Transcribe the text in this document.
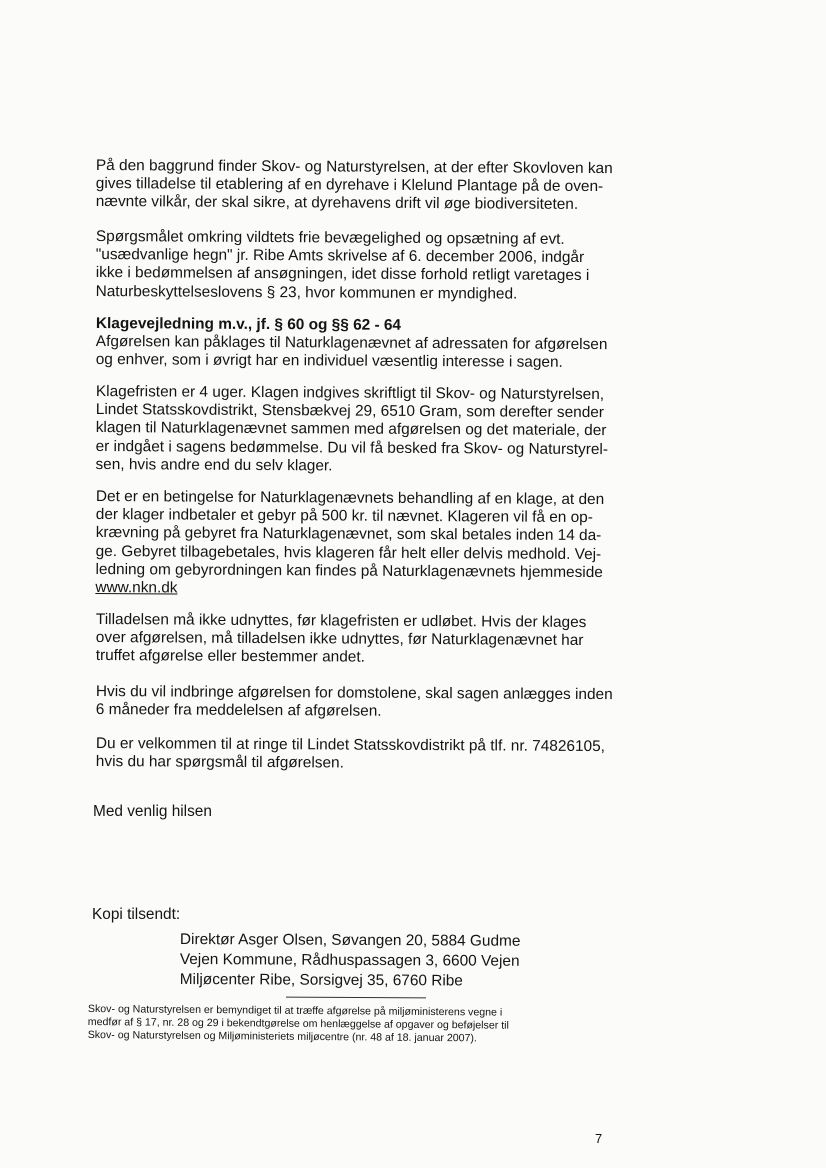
På den baggrund finder Skov- og Naturstyrelsen, at der efter Skovloven kan
gives tilladelse til etablering af en dyrehave i Klelund Plantage på de oven-
nævnte vilkår, der skal sikre, at dyrehavens drift vil øge biodiversiteten.
Spørgsmålet omkring vildtets frie bevægelighed og opsætning af evt.
"usædvanlige hegn" jr. Ribe Amts skrivelse af 6. december 2006, indgår
ikke i bedømmelsen af ansøgningen, idet disse forhold retligt varetages i
Naturbeskyttelseslovens § 23, hvor kommunen er myndighed.
Klagevejledning m.v., jf. § 60 og §§ 62 - 64
Afgørelsen kan påklages til Naturklagenævnet af adressaten for afgørelsen
og enhver, som i øvrigt har en individuel væsentlig interesse i sagen.
Klagefristen er 4 uger. Klagen indgives skriftligt til Skov- og Naturstyrelsen,
Lindet Statsskovdistrikt, Stensbækvej 29, 6510 Gram, som derefter sender
klagen til Naturklagenævnet sammen med afgørelsen og det materiale, der
er indgået i sagens bedømmelse. Du vil få besked fra Skov- og Naturstyrel-
sen, hvis andre end du selv klager.
Det er en betingelse for Naturklagenævnets behandling af en klage, at den
der klager indbetaler et gebyr på 500 kr. til nævnet. Klageren vil få en op-
krævning på gebyret fra Naturklagenævnet, som skal betales inden 14 da-
ge. Gebyret tilbagebetales, hvis klageren får helt eller delvis medhold. Vej-
ledning om gebyrordningen kan findes på Naturklagenævnets hjemmeside
www.nkn.dk
Tilladelsen må ikke udnyttes, før klagefristen er udløbet. Hvis der klages
over afgørelsen, må tilladelsen ikke udnyttes, før Naturklagenævnet har
truffet afgørelse eller bestemmer andet.
Hvis du vil indbringe afgørelsen for domstolene, skal sagen anlægges inden
6 måneder fra meddelelsen af afgørelsen.
Du er velkommen til at ringe til Lindet Statsskovdistrikt på tlf. nr. 74826105,
hvis du har spørgsmål til afgørelsen.

Med venlig hilsen

Kopi tilsendt:

Direktør Asger Olsen, Søvangen 20, 5884 Gudme
Vejen Kommune, Rådhuspassagen 3, 6600 Vejen
Miljøcenter Ribe, Sorsigvej 35, 6760 Ribe
Skov- og Naturstyrelsen er bemyndiget til at træffe afgørelse på miljøministerens vegne i
medfør af § 17, nr. 28 og 29 i bekendtgørelse om henlæggelse af opgaver og beføjelser til
Skov- og Naturstyrelsen og Miljøministeriets miljøcentre (nr. 48 af 18. januar 2007).

7
